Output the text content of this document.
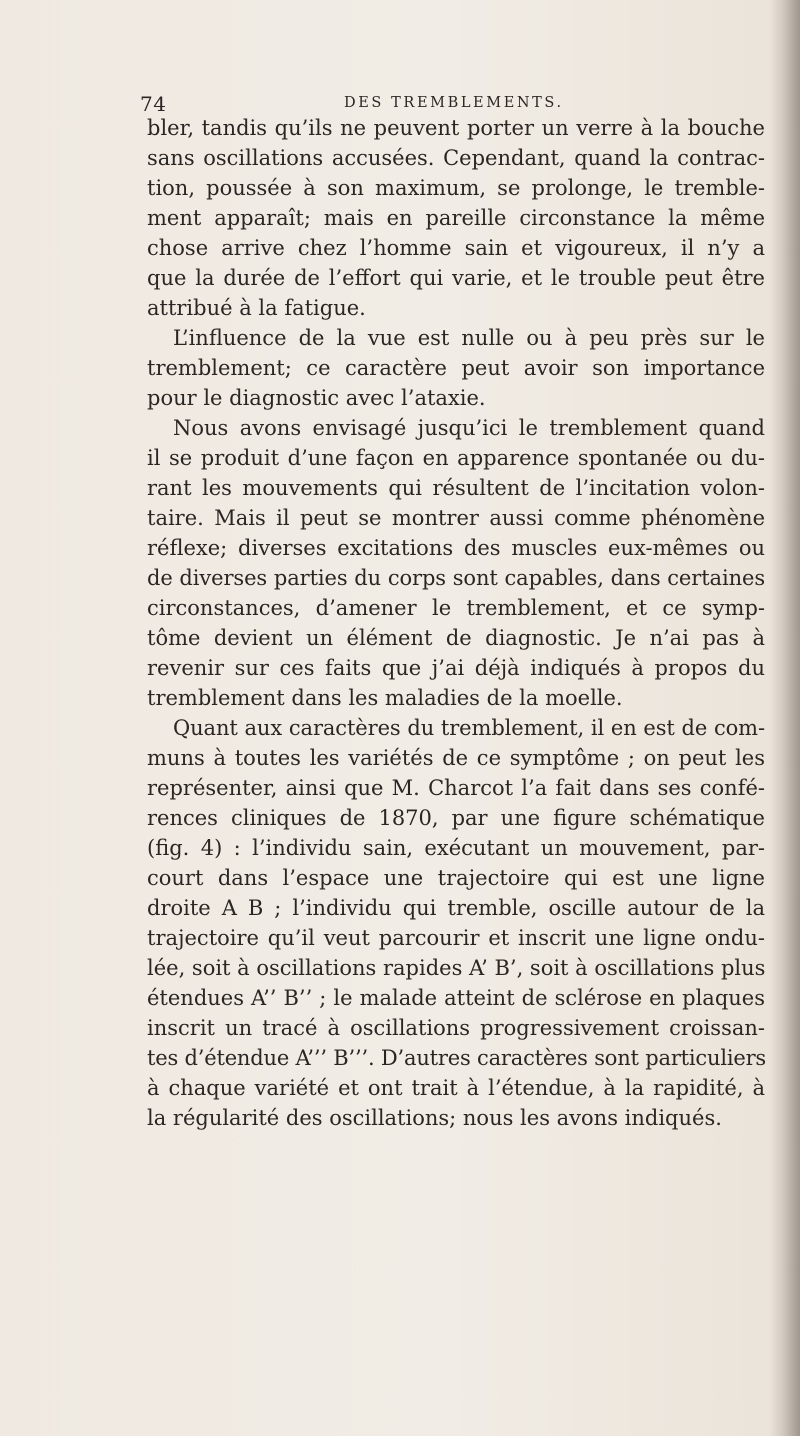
74	DES TREMBLEMENTS.
bler, tandis qu’ils ne peuvent porter un verre à la bouche
sans oscillations accusées. Cependant, quand la contrac-
tion, poussée à son maximum, se prolonge, le tremble-
ment apparaît; mais en pareille circonstance la même
chose arrive chez l’homme sain et vigoureux, il n’y a
que la durée de l’effort qui varie, et le trouble peut être
attribué à la fatigue.
L’influence de la vue est nulle ou à peu près sur le
tremblement; ce caractère peut avoir son importance
pour le diagnostic avec l’ataxie.
Nous avons envisagé jusqu’ici le tremblement quand
il se produit d’une façon en apparence spontanée ou du-
rant les mouvements qui résultent de l’incitation volon-
taire. Mais il peut se montrer aussi comme phénomène
réflexe; diverses excitations des muscles eux-mêmes ou
de diverses parties du corps sont capables, dans certaines
circonstances, d’amener le tremblement, et ce symp-
tôme devient un élément de diagnostic. Je n’ai pas à
revenir sur ces faits que j’ai déjà indiqués à propos du
tremblement dans les maladies de la moelle.
Quant aux caractères du tremblement, il en est de com-
muns à toutes les variétés de ce symptôme ; on peut les
représenter, ainsi que M. Charcot l’a fait dans ses confé-
rences cliniques de 1870, par une figure schématique
(fig. 4) : l’individu sain, exécutant un mouvement, par-
court dans l’espace une trajectoire qui est une ligne
droite A B ; l’individu qui tremble, oscille autour de la
trajectoire qu’il veut parcourir et inscrit une ligne ondu-
lée, soit à oscillations rapides A’ B’, soit à oscillations plus
étendues A’’ B’’ ; le malade atteint de sclérose en plaques
inscrit un tracé à oscillations progressivement croissan-
tes d’étendue A’’’ B’’’. D’autres caractères sont particuliers
à chaque variété et ont trait à l’étendue, à la rapidité, à
la régularité des oscillations; nous les avons indiqués.
